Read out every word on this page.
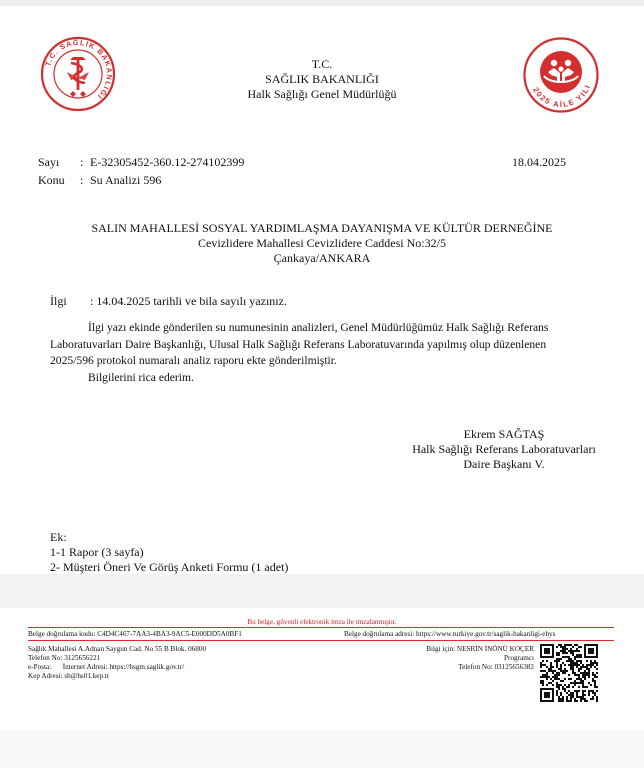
T.C. SAĞLIK BAKANLIĞI
2025 AİLE YILI
T.C.
SAĞLIK BAKANLIĞI
Halk Sağlığı Genel Müdürlüğü
Sayı : E-32305452-360.12-274102399	18.04.2025
Konu : Su Analizi 596
SALIN MAHALLESİ SOSYAL YARDIMLAŞMA DAYANIŞMA VE KÜLTÜR DERNEĞİNE
Cevizlidere Mahallesi Cevizlidere Caddesi No:32/5
Çankaya/ANKARA
İlgi : 14.04.2025 tarihli ve bila sayılı yazınız.
İlgi yazı ekinde gönderilen su numunesinin analizleri, Genel Müdürlüğümüz Halk Sağlığı Referans
Laboratuvarları Daire Başkanlığı, Ulusal Halk Sağlığı Referans Laboratuvarında yapılmış olup düzenlenen
2025/596 protokol numaralı analiz raporu ekte gönderilmiştir.
Bilgilerini rica ederim.
Ekrem SAĞTAŞ
Halk Sağlığı Referans Laboratuvarları
Daire Başkanı V.
Ek:
1-1 Rapor (3 sayfa)
2- Müşteri Öneri Ve Görüş Anketi Formu (1 adet)
Bu belge, güvenli elektronik imza ile imzalanmıştır.
Belge doğrulama kodu: C4D4C467-7AA3-4BA3-9AC5-E000DD5A0BF1	Belge doğrulama adresi: https://www.turkiye.gov.tr/saglik-bakanligi-ebys
Sağlık Mahallesi A.Adnan Saygun Cad. No 55 B Blok. 06800
Telefon No: 3125656221
e-Posta: İnternet Adresi: https://hsgm.saglik.gov.tr/
Kep Adresi: sb@hs01.kep.tr
Bilgi için: NESRİN İNÖNÜ KOÇER
Programcı
Telefon No: 03125656382
